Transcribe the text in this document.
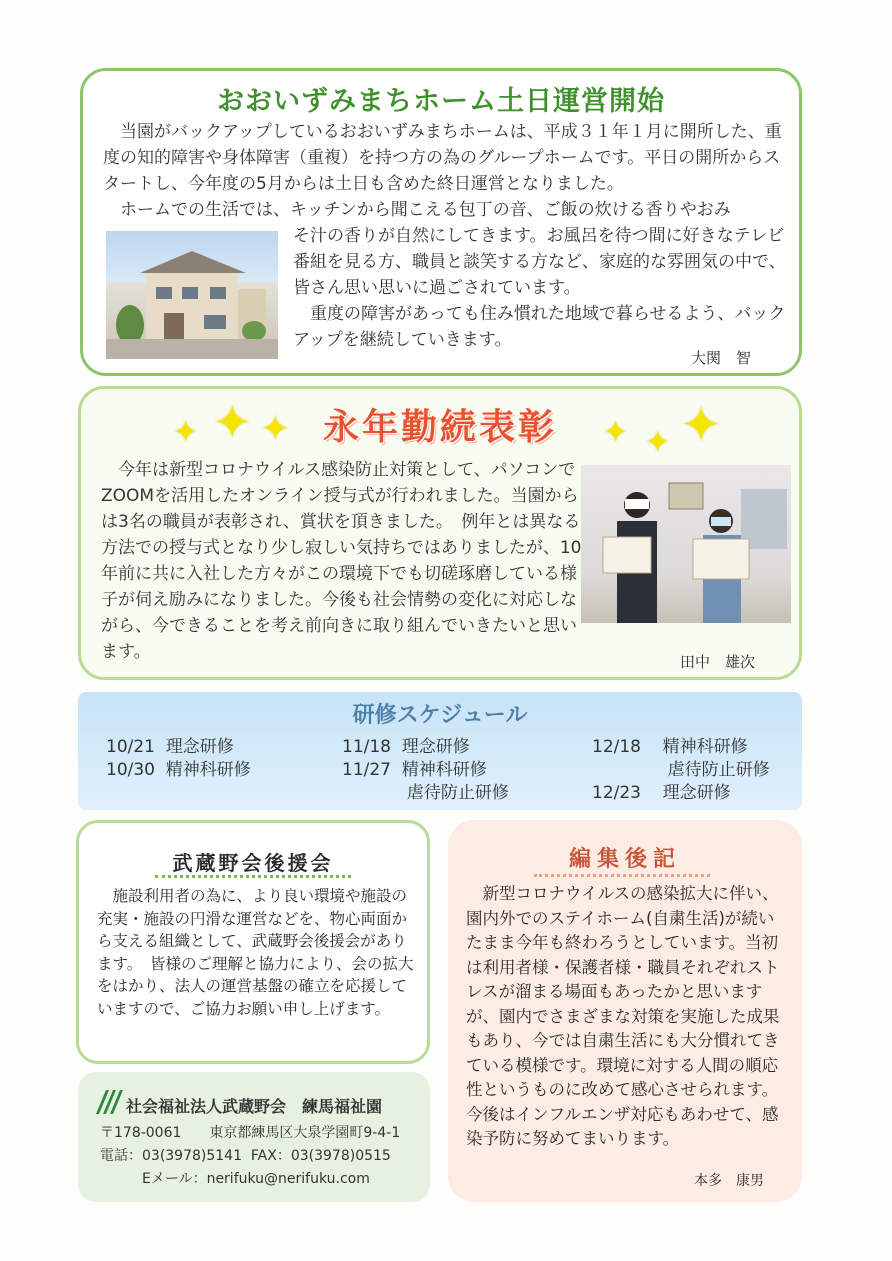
おおいずみまちホーム土日運営開始
当園がバックアップしているおおいずみまちホームは、平成３１年１月に開所した、重度の知的障害や身体障害（重複）を持つ方の為のグループホームです。平日の開所からスタートし、今年度の5月からは土日も含めた終日運営となりました。
ホームでの生活では、キッチンから聞こえる包丁の音、ご飯の炊ける香りやおみ
そ汁の香りが自然にしてきます。お風呂を待つ間に好きなテレビ番組を見る方、職員と談笑する方など、家庭的な雰囲気の中で、皆さん思い思いに過ごされています。
　重度の障害があっても住み慣れた地域で暮らせるよう、バックアップを継続していきます。
大関　智
✦ ✦ ✦	✦ ✦ ✦
永年勤続表彰
今年は新型コロナウイルス感染防止対策として、パソコンでZOOMを活用したオンライン授与式が行われました。当園からは3名の職員が表彰され、賞状を頂きました。　例年とは異なる方法での授与式となり少し寂しい気持ちではありましたが、10年前に共に入社した方々がこの環境下でも切磋琢磨している様子が伺え励みになりました。今後も社会情勢の変化に対応しながら、今できることを考え前向きに取り組んでいきたいと思います。	田中　雄次
研修スケジュール
10/21  理念研修
10/30  精神科研修
11/18  理念研修
11/27  精神科研修
虐待防止研修
12/18    精神科研修
虐待防止研修
12/23    理念研修
武蔵野会後援会
施設利用者の為に、より良い環境や施設の充実・施設の円滑な運営などを、物心両面から支える組織として、武蔵野会後援会があります。　皆様のご理解と協力により、会の拡大をはかり、法人の運営基盤の確立を応援していますので、ご協力お願い申し上げます。
社会福祉法人武蔵野会　練馬福祉園
〒178-0061　　東京都練馬区大泉学園町9-4-1
電話：03(3978)5141  FAX：03(3978)0515
Eメール：nerifuku@nerifuku.com
編集後記
新型コロナウイルスの感染拡大に伴い、園内外でのステイホーム(自粛生活)が続いたまま今年も終わろうとしています。当初は利用者様・保護者様・職員それぞれストレスが溜まる場面もあったかと思いますが、園内でさまざまな対策を実施した成果もあり、今では自粛生活にも大分慣れてきている模様です。環境に対する人間の順応性というものに改めて感心させられます。　今後はインフルエンザ対応もあわせて、感染予防に努めてまいります。
本多　康男
